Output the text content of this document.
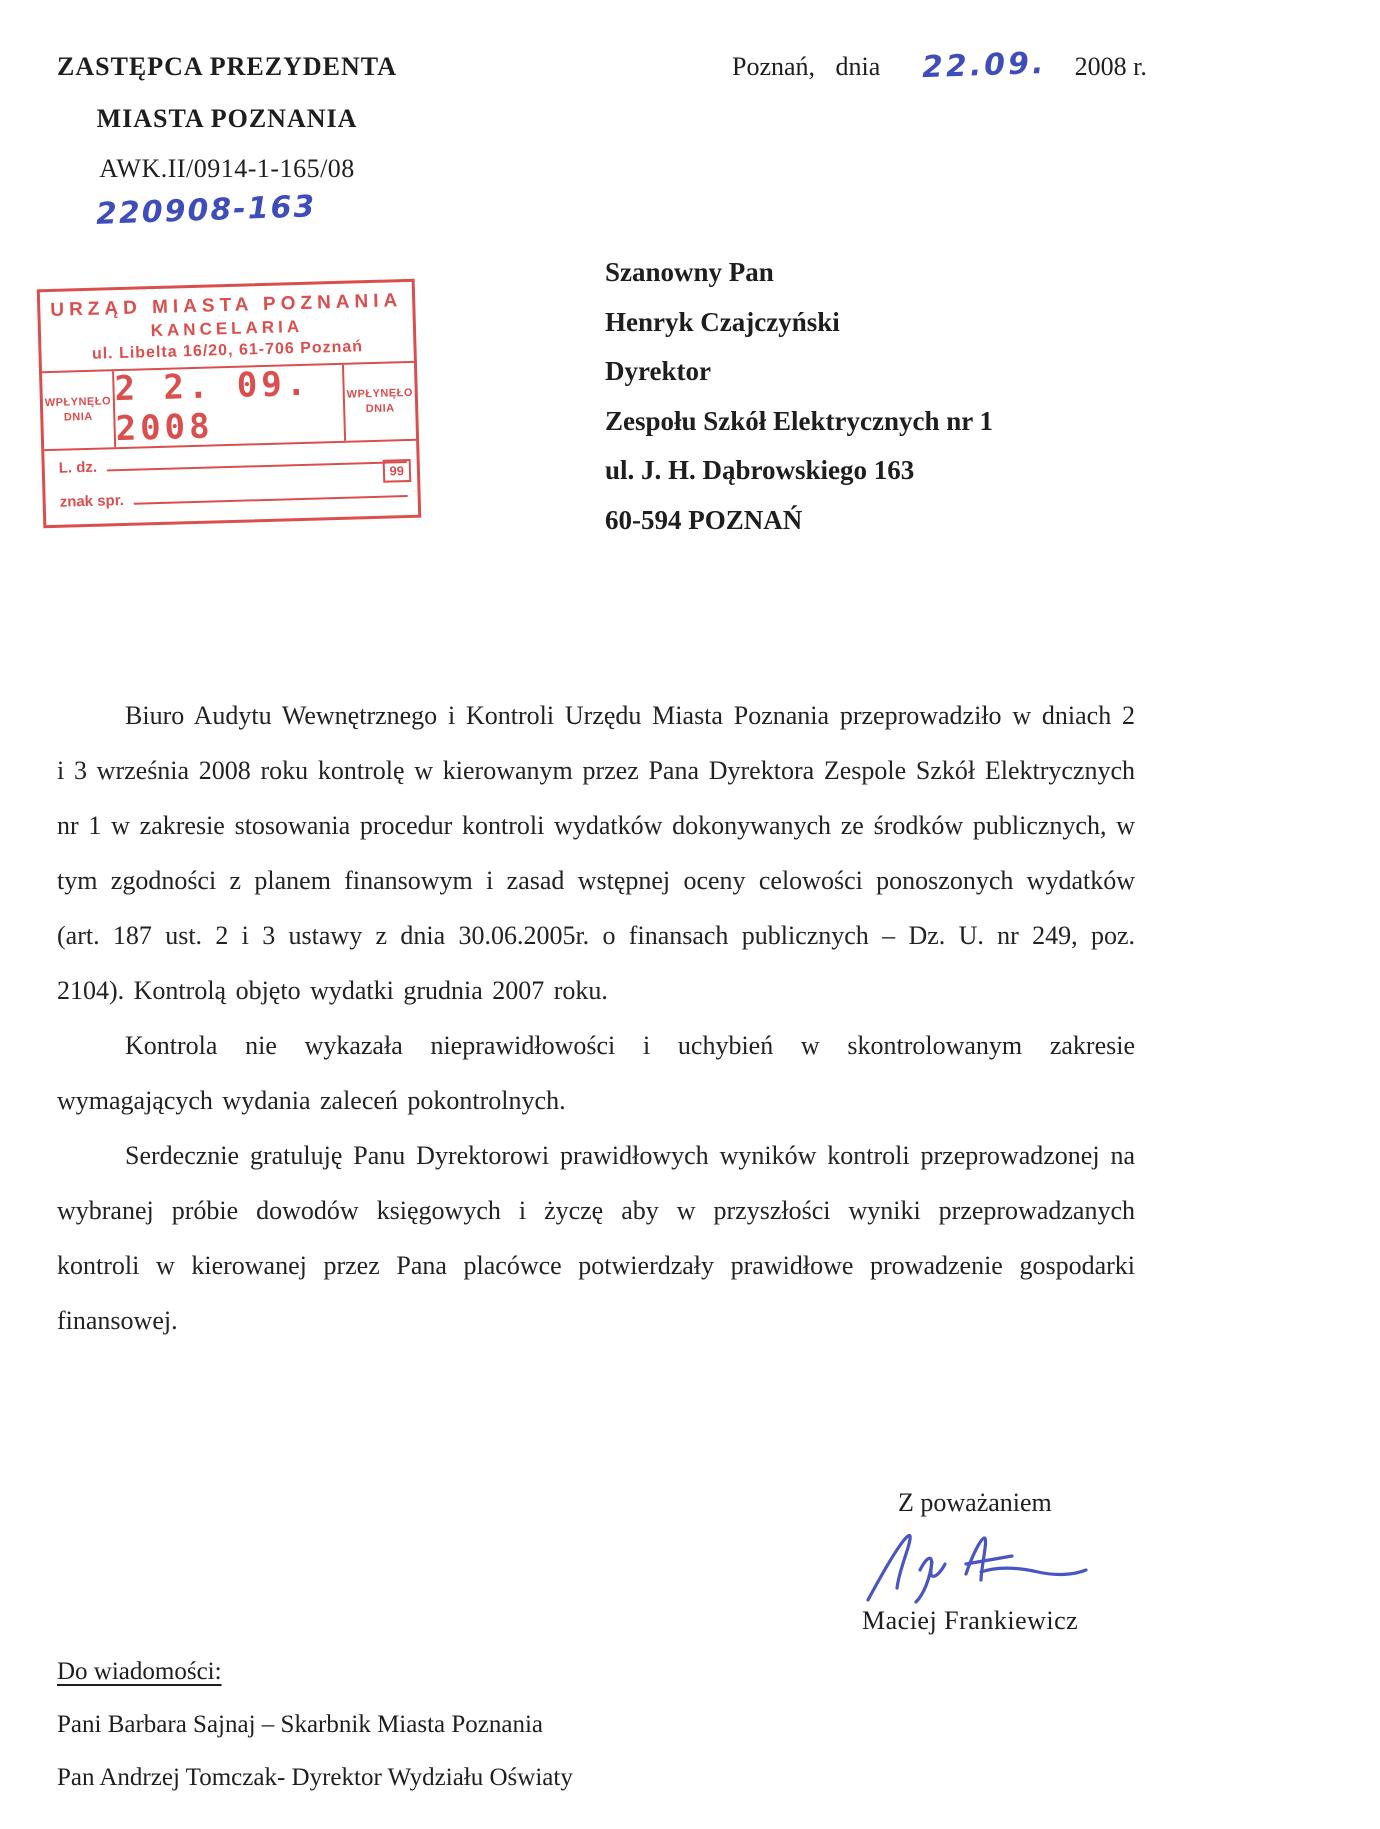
ZASTĘPCA PREZYDENTA
MIASTA POZNANIA
AWK.II/0914-1-165/08
220908-163
Poznań, dnia 22.09. 2008 r.
URZĄD MIASTA POZNANIA
KANCELARIA
ul. Libelta 16/20, 61-706 Poznań
WPŁYNĘŁO
DNIA
2 2. 09. 2008
WPŁYNĘŁO
DNIA
L. dz.
znak spr.
99
Szanowny Pan
Henryk Czajczyński
Dyrektor
Zespołu Szkół Elektrycznych nr 1
ul. J. H. Dąbrowskiego 163
60-594 POZNAŃ

Biuro Audytu Wewnętrznego i Kontroli Urzędu Miasta Poznania przeprowadziło w dniach 2 i 3 września 2008 roku kontrolę w kierowanym przez Pana Dyrektora Zespole Szkół Elektrycznych nr 1 w zakresie stosowania procedur kontroli wydatków dokonywanych ze środków publicznych, w tym zgodności z planem finansowym i zasad wstępnej oceny celowości ponoszonych wydatków (art. 187 ust. 2 i 3 ustawy z dnia 30.06.2005r. o finansach publicznych – Dz. U. nr 249, poz. 2104). Kontrolą objęto wydatki grudnia 2007 roku.

Kontrola nie wykazała nieprawidłowości i uchybień w skontrolowanym zakresie wymagających wydania zaleceń pokontrolnych.

Serdecznie gratuluję Panu Dyrektorowi prawidłowych wyników kontroli przeprowadzonej na wybranej próbie dowodów księgowych i życzę aby w przyszłości wyniki przeprowadzanych kontroli w kierowanej przez Pana placówce potwierdzały prawidłowe prowadzenie gospodarki finansowej.

Z poważaniem
Maciej Frankiewicz
Do wiadomości:
Pani Barbara Sajnaj – Skarbnik Miasta Poznania
Pan Andrzej Tomczak- Dyrektor Wydziału Oświaty
